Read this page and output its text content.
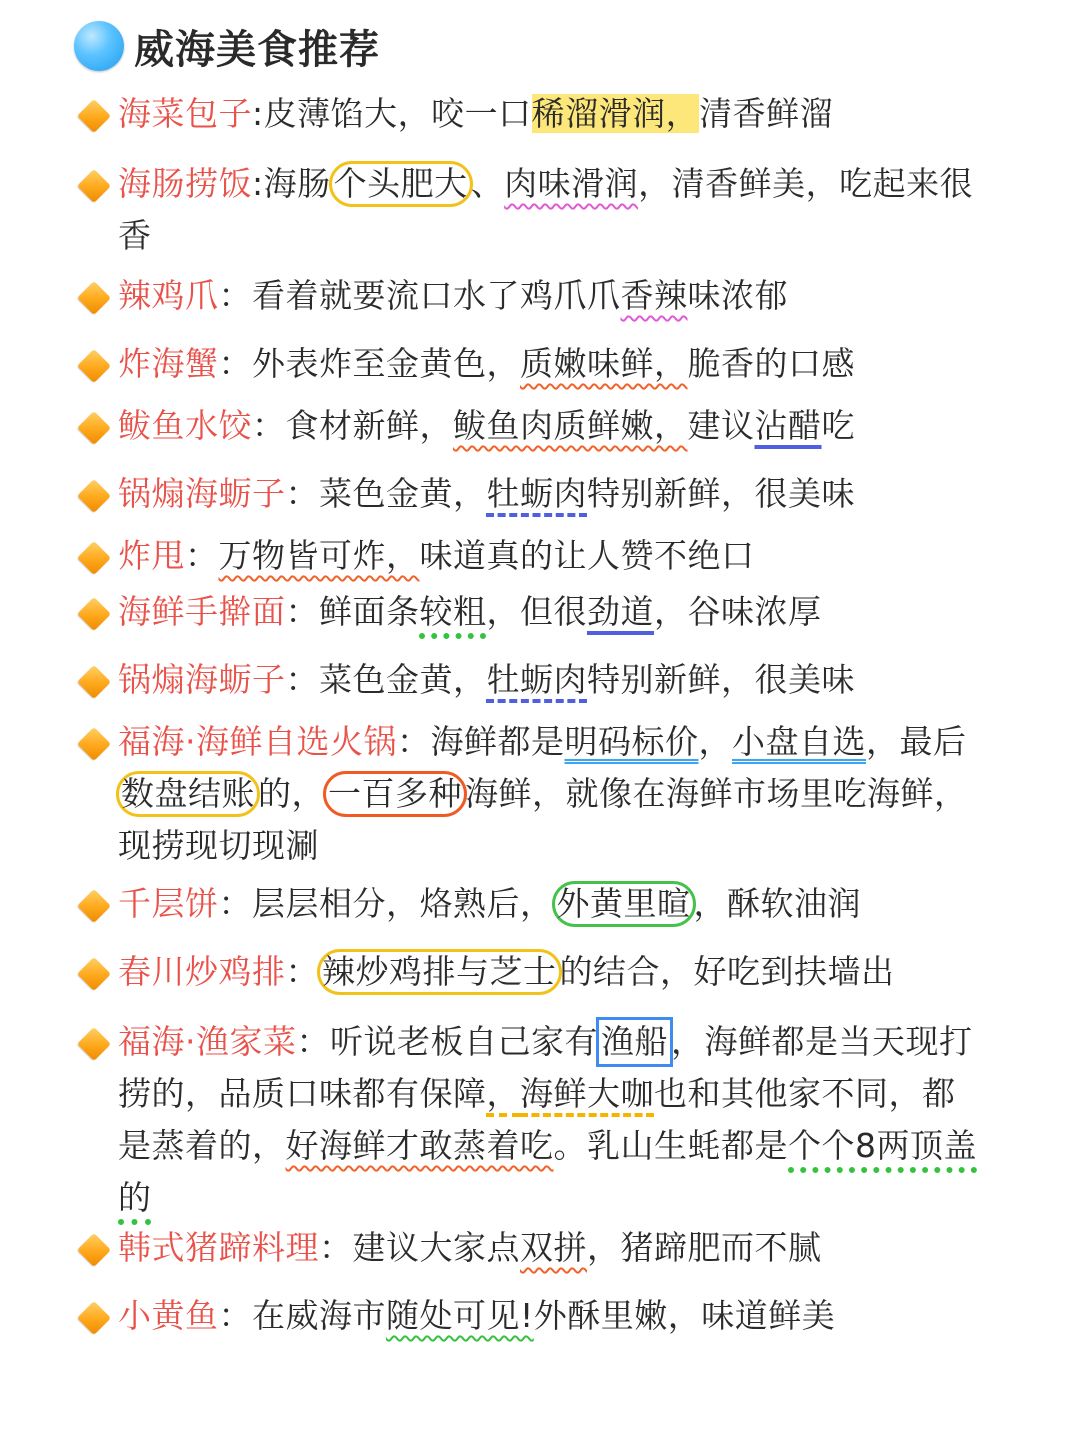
威海美食推荐
海菜包子:皮薄馅大，咬一口稀溜滑润，清香鲜溜
海肠捞饭:海肠个头肥大、肉味滑润，清香鲜美，吃起来很
香
辣鸡爪：看着就要流口水了鸡爪爪香辣味浓郁
炸海蟹：外表炸至金黄色，质嫩味鲜，脆香的口感
鲅鱼水饺：食材新鲜，鲅鱼肉质鲜嫩，建议沾醋吃
锅煽海蛎子：菜色金黄，牡蛎肉特别新鲜，很美味
炸甩：万物皆可炸，味道真的让人赞不绝口
海鲜手擀面：鲜面条较粗，但很劲道，谷味浓厚
锅煽海蛎子：菜色金黄，牡蛎肉特别新鲜，很美味
福海·海鲜自选火锅：海鲜都是明码标价，小盘自选，最后
数盘结账的，一百多种海鲜，就像在海鲜市场里吃海鲜，
现捞现切现涮
千层饼：层层相分，烙熟后，外黄里暄，酥软油润
春川炒鸡排：辣炒鸡排与芝士的结合，好吃到扶墙出
福海·渔家菜：听说老板自己家有渔船，海鲜都是当天现打
捞的，品质口味都有保障，海鲜大咖也和其他家不同，都
是蒸着的，好海鲜才敢蒸着吃。乳山生蚝都是个个8两顶盖
的
韩式猪蹄料理：建议大家点双拼，猪蹄肥而不腻
小黄鱼：在威海市随处可见!外酥里嫩，味道鲜美
